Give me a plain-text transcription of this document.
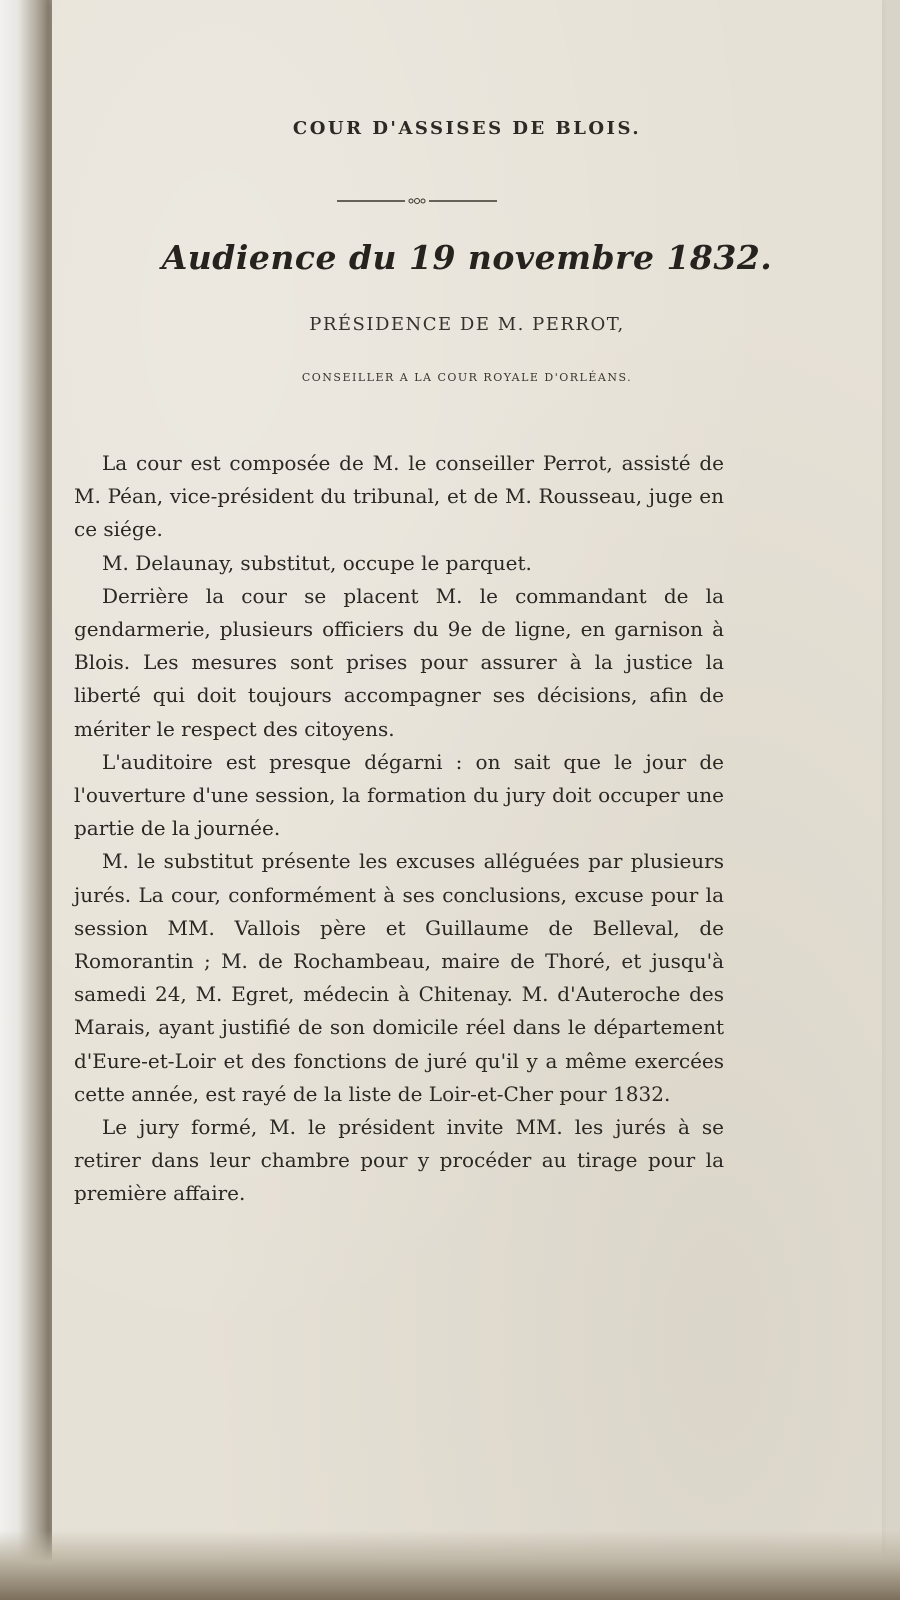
COUR D'ASSISES DE BLOIS.
Audience du 19 novembre 1832.
PRÉSIDENCE DE M. PERROT,
CONSEILLER A LA COUR ROYALE D'ORLÉANS.

La cour est composée de M. le conseiller Perrot, assisté de M. Péan, vice-président du tribunal, et de M. Rousseau, juge en ce siége.

M. Delaunay, substitut, occupe le parquet.

Derrière la cour se placent M. le commandant de la gendarmerie, plusieurs officiers du 9e de ligne, en garnison à Blois. Les mesures sont prises pour assurer à la justice la liberté qui doit toujours accompagner ses décisions, afin de mériter le respect des citoyens.

L'auditoire est presque dégarni : on sait que le jour de l'ouverture d'une session, la formation du jury doit occuper une partie de la journée.

M. le substitut présente les excuses alléguées par plusieurs jurés. La cour, conformément à ses conclusions, excuse pour la session MM. Vallois père et Guillaume de Belleval, de Romorantin ; M. de Rochambeau, maire de Thoré, et jusqu'à samedi 24, M. Egret, médecin à Chitenay. M. d'Auteroche des Marais, ayant justifié de son domicile réel dans le département d'Eure-et-Loir et des fonctions de juré qu'il y a même exercées cette année, est rayé de la liste de Loir-et-Cher pour 1832.

Le jury formé, M. le président invite MM. les jurés à se retirer dans leur chambre pour y procéder au tirage pour la première affaire.
